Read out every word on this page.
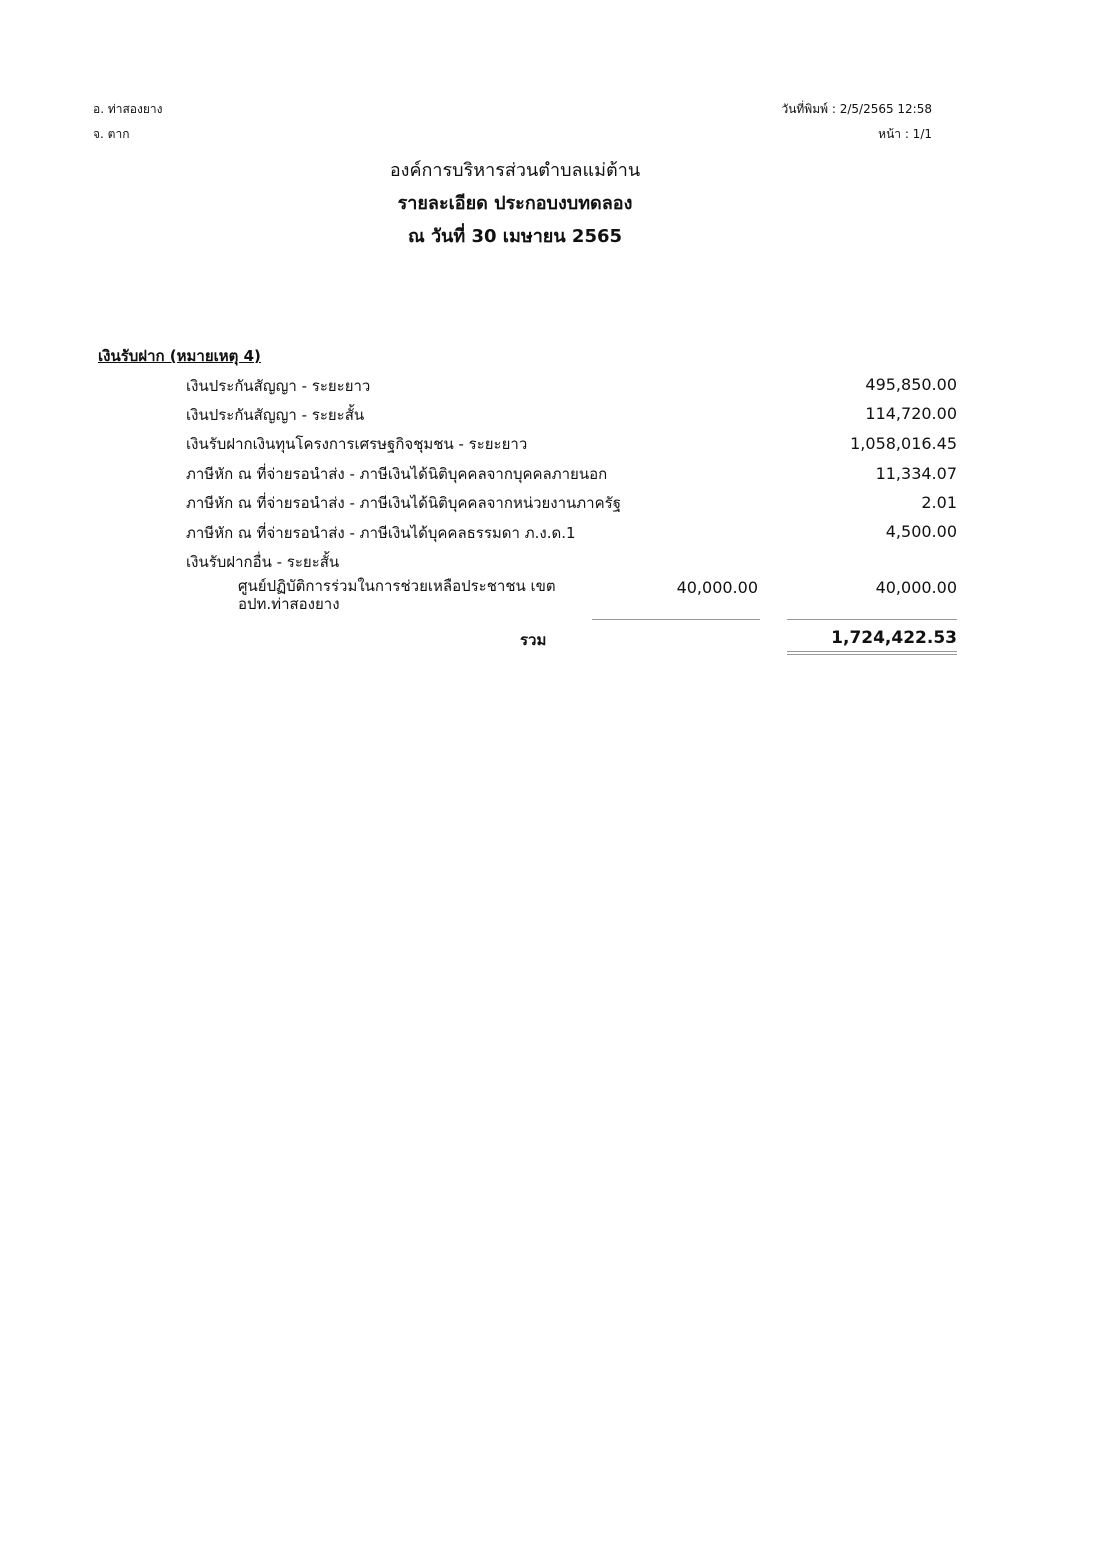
อ. ท่าสองยาง
จ. ตาก
วันที่พิมพ์ : 2/5/2565 12:58
หน้า : 1/1
องค์การบริหารส่วนตำบลแม่ต้าน
รายละเอียด ประกอบงบทดลอง
ณ วันที่ 30 เมษายน 2565
เงินรับฝาก (หมายเหตุ 4)
เงินประกันสัญญา - ระยะยาว	495,850.00
เงินประกันสัญญา - ระยะสั้น	114,720.00
เงินรับฝากเงินทุนโครงการเศรษฐกิจชุมชน - ระยะยาว	1,058,016.45
ภาษีหัก ณ ที่จ่ายรอนำส่ง - ภาษีเงินได้นิติบุคคลจากบุคคลภายนอก	11,334.07
ภาษีหัก ณ ที่จ่ายรอนำส่ง - ภาษีเงินได้นิติบุคคลจากหน่วยงานภาครัฐ	2.01
ภาษีหัก ณ ที่จ่ายรอนำส่ง - ภาษีเงินได้บุคคลธรรมดา ภ.ง.ด.1	4,500.00
เงินรับฝากอื่น - ระยะสั้น
ศูนย์ปฏิบัติการร่วมในการช่วยเหลือประชาชน เขต อปท.ท่าสองยาง
40,000.00	40,000.00
รวม	1,724,422.53
